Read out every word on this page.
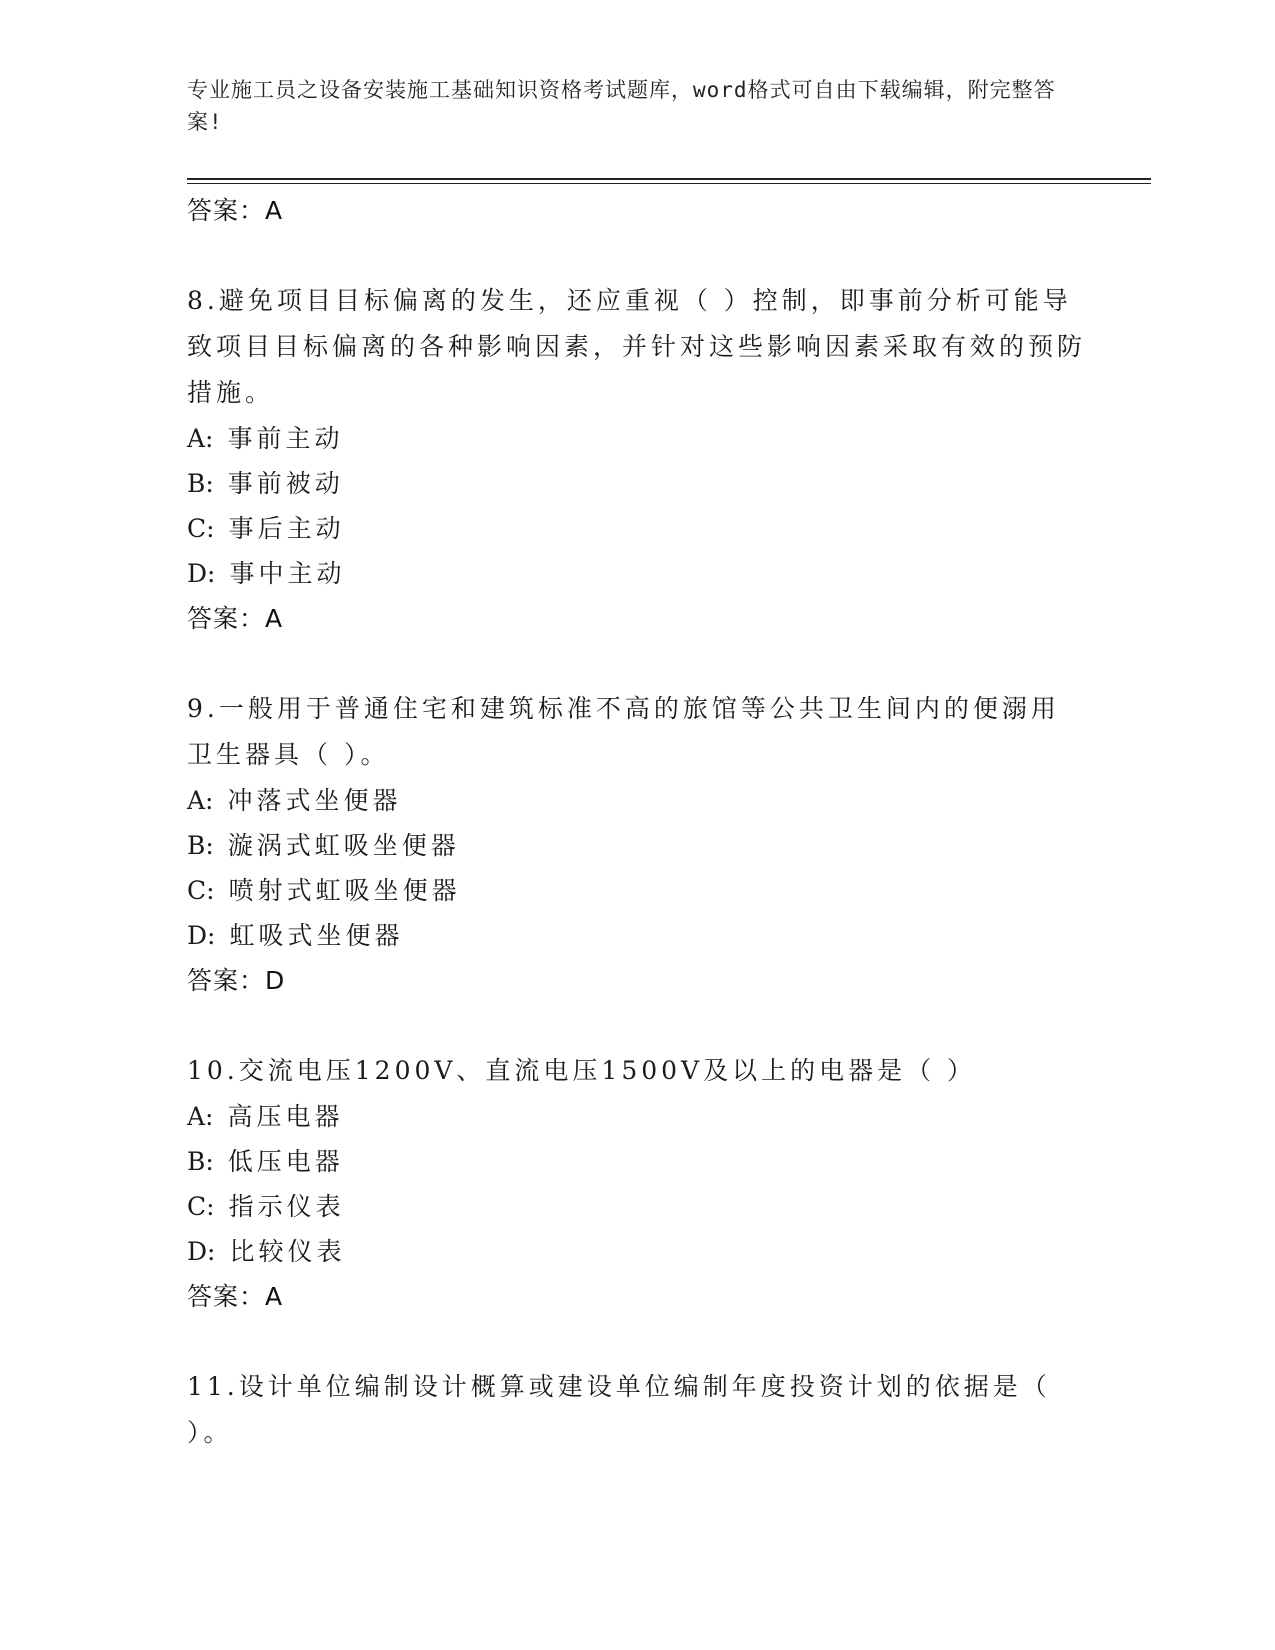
专业施工员之设备安装施工基础知识资格考试题库，word格式可自由下载编辑，附完整答案!
答案：A
8.避免项目目标偏离的发生，还应重视（ ）控制，即事前分析可能导致项目目标偏离的各种影响因素，并针对这些影响因素采取有效的预防措施。
A: 事前主动
B: 事前被动
C: 事后主动
D: 事中主动
答案：A
9.一般用于普通住宅和建筑标准不高的旅馆等公共卫生间内的便溺用卫生器具（ ）。
A: 冲落式坐便器
B: 漩涡式虹吸坐便器
C: 喷射式虹吸坐便器
D: 虹吸式坐便器
答案：D
10.交流电压1200V、直流电压1500V及以上的电器是（ ）
A: 高压电器
B: 低压电器
C: 指示仪表
D: 比较仪表
答案：A
11.设计单位编制设计概算或建设单位编制年度投资计划的依据是（ ）。
